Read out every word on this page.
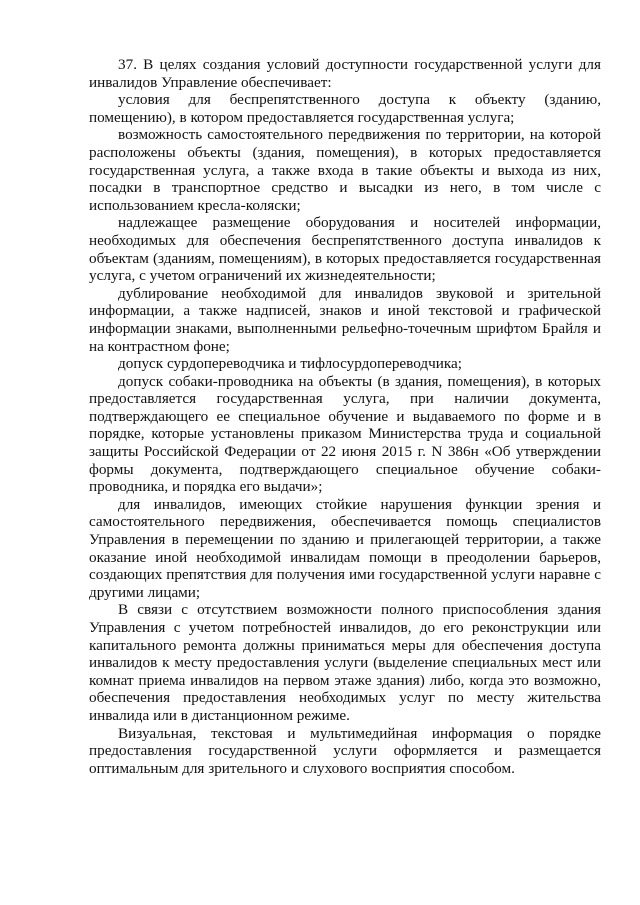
37. В целях создания условий доступности государственной услуги для инвалидов Управление обеспечивает:

условия для беспрепятственного доступа к объекту (зданию, помещению), в котором предоставляется государственная услуга;

возможность самостоятельного передвижения по территории, на которой расположены объекты (здания, помещения), в которых предоставляется государственная услуга, а также входа в такие объекты и выхода из них, посадки в транспортное средство и высадки из него, в том числе с использованием кресла-коляски;

надлежащее размещение оборудования и носителей информации, необходимых для обеспечения беспрепятственного доступа инвалидов к объектам (зданиям, помещениям), в которых предоставляется государственная услуга, с учетом ограничений их жизнедеятельности;

дублирование необходимой для инвалидов звуковой и зрительной информации, а также надписей, знаков и иной текстовой и графической информации знаками, выполненными рельефно-точечным шрифтом Брайля и на контрастном фоне;

допуск сурдопереводчика и тифлосурдопереводчика;

допуск собаки-проводника на объекты (в здания, помещения), в которых предоставляется государственная услуга, при наличии документа, подтверждающего ее специальное обучение и выдаваемого по форме и в порядке, которые установлены приказом Министерства труда и социальной защиты Российской Федерации от 22 июня 2015 г. N 386н «Об утверждении формы документа, подтверждающего специальное обучение собаки-проводника, и порядка его выдачи»;

для инвалидов, имеющих стойкие нарушения функции зрения и самостоятельного передвижения, обеспечивается помощь специалистов Управления в перемещении по зданию и прилегающей территории, а также оказание иной необходимой инвалидам помощи в преодолении барьеров, создающих препятствия для получения ими государственной услуги наравне с другими лицами;

В связи с отсутствием возможности полного приспособления здания Управления с учетом потребностей инвалидов, до его реконструкции или капитального ремонта должны приниматься меры для обеспечения доступа инвалидов к месту предоставления услуги (выделение специальных мест или комнат приема инвалидов на первом этаже здания) либо, когда это возможно, обеспечения предоставления необходимых услуг по месту жительства инвалида или в дистанционном режиме.

Визуальная, текстовая и мультимедийная информация о порядке предоставления государственной услуги оформляется и размещается оптимальным для зрительного и слухового восприятия способом.
